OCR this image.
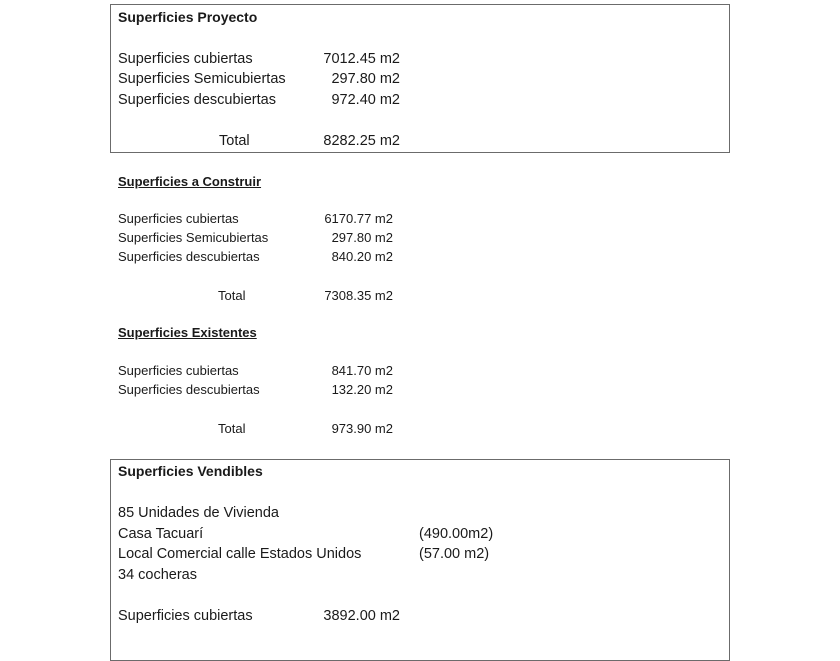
Superficies Proyecto
Superficies cubiertas	7012.45 m2
Superficies Semicubiertas	297.80 m2
Superficies descubiertas	972.40 m2
Total	8282.25 m2
Superficies a Construir
Superficies cubiertas	6170.77 m2
Superficies Semicubiertas	297.80 m2
Superficies descubiertas	840.20 m2
Total	7308.35 m2
Superficies Existentes
Superficies cubiertas	841.70 m2
Superficies descubiertas	132.20 m2
Total	973.90 m2
Superficies Vendibles
85 Unidades de Vivienda
Casa Tacuarí	(490.00m2)
Local Comercial calle Estados Unidos	(57.00 m2)
34 cocheras
Superficies cubiertas	3892.00 m2
